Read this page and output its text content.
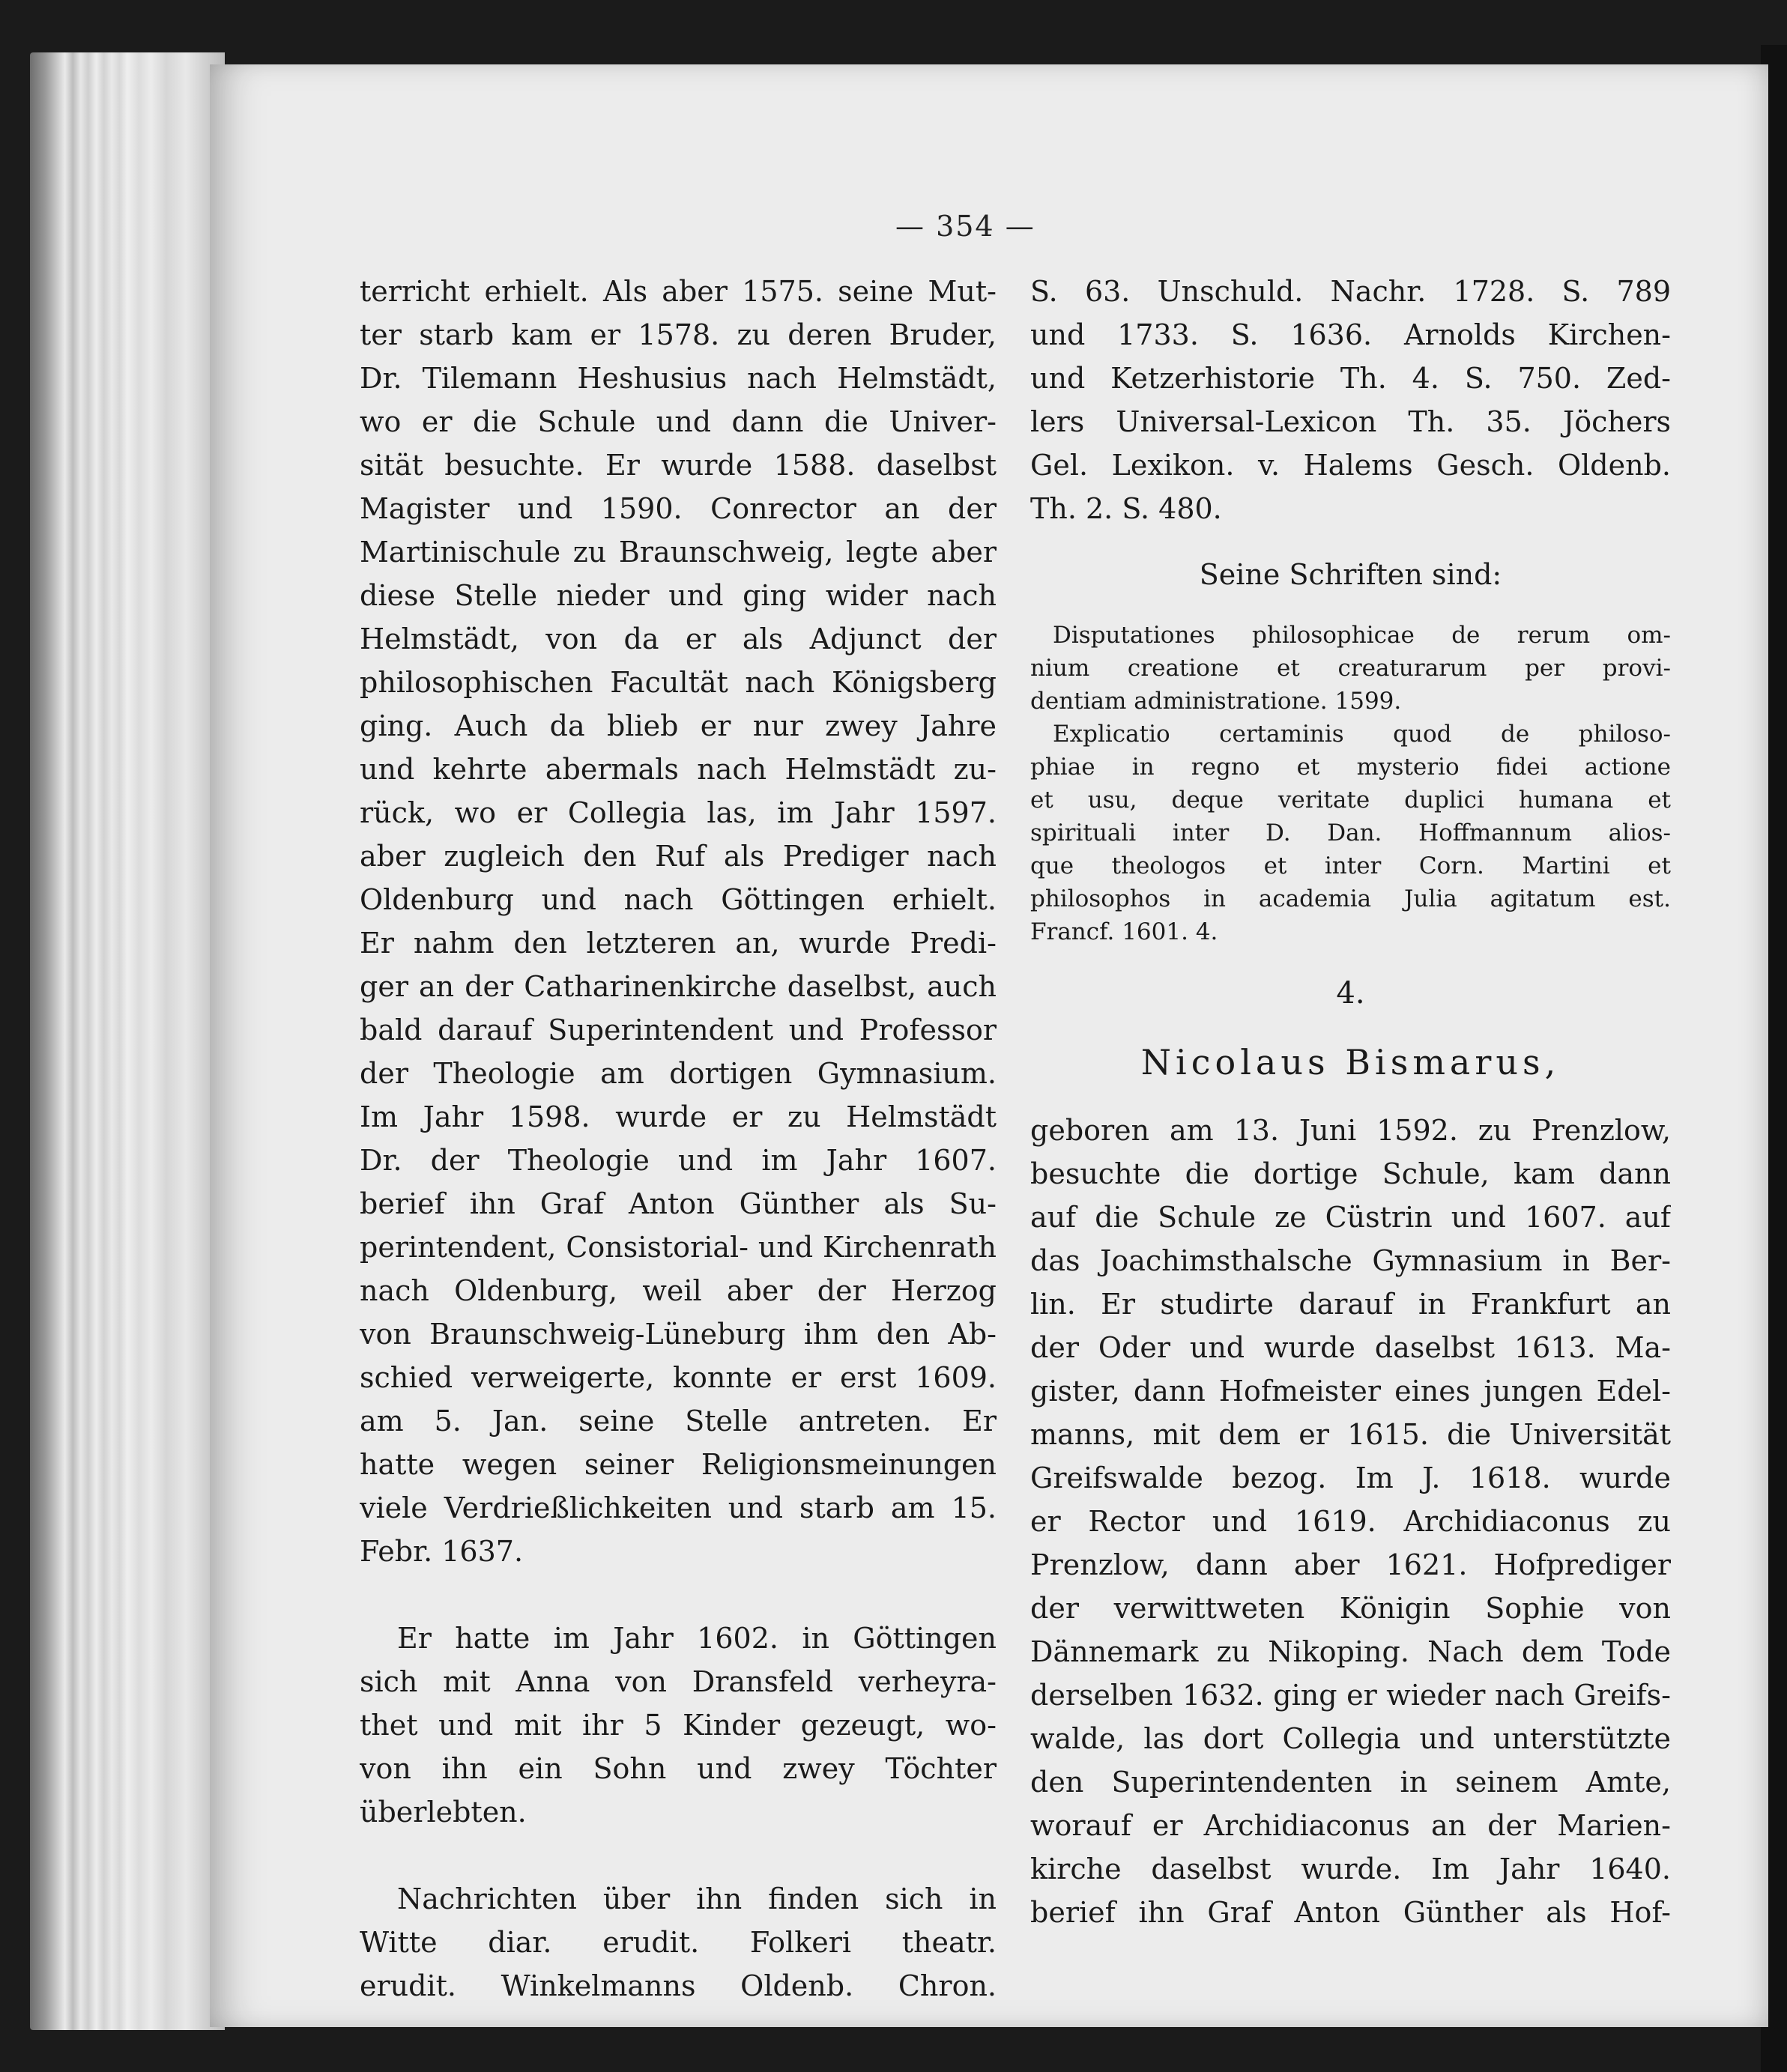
— 354 —
terricht erhielt. Als aber 1575. seine Mut-
ter starb kam er 1578. zu deren Bruder,
Dr. Tilemann Heshusius nach Helmstädt,
wo er die Schule und dann die Univer-
sität besuchte. Er wurde 1588. daselbst
Magister und 1590. Conrector an der
Martinischule zu Braunschweig, legte aber
diese Stelle nieder und ging wider nach
Helmstädt, von da er als Adjunct der
philosophischen Facultät nach Königsberg
ging. Auch da blieb er nur zwey Jahre
und kehrte abermals nach Helmstädt zu-
rück, wo er Collegia las, im Jahr 1597.
aber zugleich den Ruf als Prediger nach
Oldenburg und nach Göttingen erhielt.
Er nahm den letzteren an, wurde Predi-
ger an der Catharinenkirche daselbst, auch
bald darauf Superintendent und Professor
der Theologie am dortigen Gymnasium.
Im Jahr 1598. wurde er zu Helmstädt
Dr. der Theologie und im Jahr 1607.
berief ihn Graf Anton Günther als Su-
perintendent, Consistorial- und Kirchenrath
nach Oldenburg, weil aber der Herzog
von Braunschweig-Lüneburg ihm den Ab-
schied verweigerte, konnte er erst 1609.
am 5. Jan. seine Stelle antreten. Er
hatte wegen seiner Religionsmeinungen
viele Verdrießlichkeiten und starb am 15.
Febr. 1637.
Er hatte im Jahr 1602. in Göttingen
sich mit Anna von Dransfeld verheyra-
thet und mit ihr 5 Kinder gezeugt, wo-
von ihn ein Sohn und zwey Töchter
überlebten.
Nachrichten über ihn finden sich in
Witte diar. erudit. Folkeri theatr.
erudit. Winkelmanns Oldenb. Chron.
S. 63. Unschuld. Nachr. 1728. S. 789
und 1733. S. 1636. Arnolds Kirchen-
und Ketzerhistorie Th. 4. S. 750. Zed-
lers Universal-Lexicon Th. 35. Jöchers
Gel. Lexikon. v. Halems Gesch. Oldenb.
Th. 2. S. 480.
Seine Schriften sind:
Disputationes philosophicae de rerum om-
nium creatione et creaturarum per provi-
dentiam administratione. 1599.
Explicatio certaminis quod de philoso-
phiae in regno et mysterio fidei actione
et usu, deque veritate duplici humana et
spirituali inter D. Dan. Hoffmannum alios-
que theologos et inter Corn. Martini et
philosophos in academia Julia agitatum est.
Francf. 1601. 4.
4.
Nicolaus Bismarus,
geboren am 13. Juni 1592. zu Prenzlow,
besuchte die dortige Schule, kam dann
auf die Schule ze Cüstrin und 1607. auf
das Joachimsthalsche Gymnasium in Ber-
lin. Er studirte darauf in Frankfurt an
der Oder und wurde daselbst 1613. Ma-
gister, dann Hofmeister eines jungen Edel-
manns, mit dem er 1615. die Universität
Greifswalde bezog. Im J. 1618. wurde
er Rector und 1619. Archidiaconus zu
Prenzlow, dann aber 1621. Hofprediger
der verwittweten Königin Sophie von
Dännemark zu Nikoping. Nach dem Tode
derselben 1632. ging er wieder nach Greifs-
walde, las dort Collegia und unterstützte
den Superintendenten in seinem Amte,
worauf er Archidiaconus an der Marien-
kirche daselbst wurde. Im Jahr 1640.
berief ihn Graf Anton Günther als Hof-
